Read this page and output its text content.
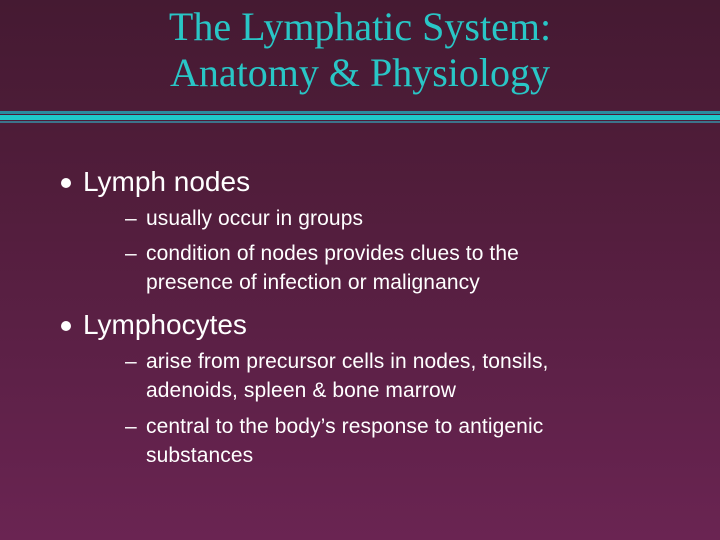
The Lymphatic System:
Anatomy & Physiology
Lymph nodes
– usually occur in groups
– condition of nodes provides clues to the presence of infection or malignancy
Lymphocytes
– arise from precursor cells in nodes, tonsils, adenoids, spleen & bone marrow
– central to the body’s response to antigenic substances
